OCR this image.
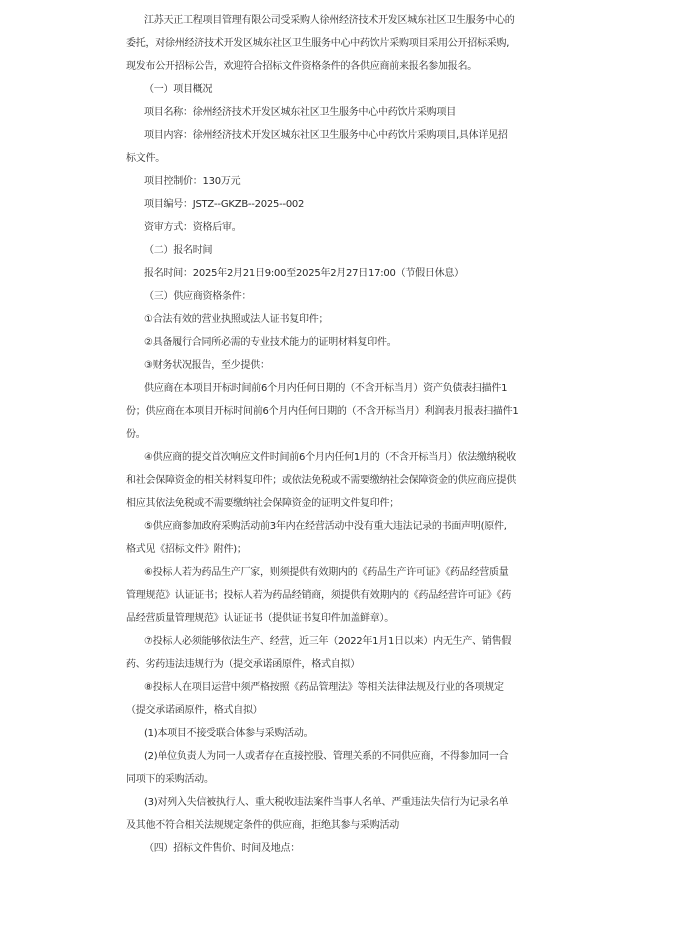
江苏天正工程项目管理有限公司受采购人徐州经济技术开发区城东社区卫生服务中心的
委托，对徐州经济技术开发区城东社区卫生服务中心中药饮片采购项目采用公开招标采购,
现发布公开招标公告，欢迎符合招标文件资格条件的各供应商前来报名参加报名。
（一）项目概况
项目名称：徐州经济技术开发区城东社区卫生服务中心中药饮片采购项目
项目内容：徐州经济技术开发区城东社区卫生服务中心中药饮片采购项目,具体详见招
标文件。
项目控制价：130万元
项目编号：JSTZ--GKZB--2025--002
资审方式：资格后审。
（二）报名时间
报名时间：2025年2月21日9:00至2025年2月27日17:00（节假日休息）
（三）供应商资格条件：
①合法有效的营业执照或法人证书复印件；
②具备履行合同所必需的专业技术能力的证明材料复印件。
③财务状况报告，至少提供：
供应商在本项目开标时间前6个月内任何日期的（不含开标当月）资产负债表扫描件1
份；供应商在本项目开标时间前6个月内任何日期的（不含开标当月）利润表月报表扫描件1
份。
④供应商的提交首次响应文件时间前6个月内任何1月的（不含开标当月）依法缴纳税收
和社会保障资金的相关材料复印件；或依法免税或不需要缴纳社会保障资金的供应商应提供
相应其依法免税或不需要缴纳社会保障资金的证明文件复印件；
⑤供应商参加政府采购活动前3年内在经营活动中没有重大违法记录的书面声明(原件,
格式见《招标文件》附件)；
⑥投标人若为药品生产厂家，则须提供有效期内的《药品生产许可证》《药品经营质量
管理规范》认证证书；投标人若为药品经销商，须提供有效期内的《药品经营许可证》《药
品经营质量管理规范》认证证书（提供证书复印件加盖鲜章）。
⑦投标人必须能够依法生产、经营，近三年（2022年1月1日以来）内无生产、销售假
药、劣药违法违规行为（提交承诺函原件，格式自拟）
⑧投标人在项目运营中须严格按照《药品管理法》等相关法律法规及行业的各项规定
（提交承诺函原件，格式自拟）
(1)本项目不接受联合体参与采购活动。
(2)单位负责人为同一人或者存在直接控股、管理关系的不同供应商，不得参加同一合
同项下的采购活动。
(3)对列入失信被执行人、重大税收违法案件当事人名单、严重违法失信行为记录名单
及其他不符合相关法规规定条件的供应商，拒绝其参与采购活动
（四）招标文件售价、时间及地点：
